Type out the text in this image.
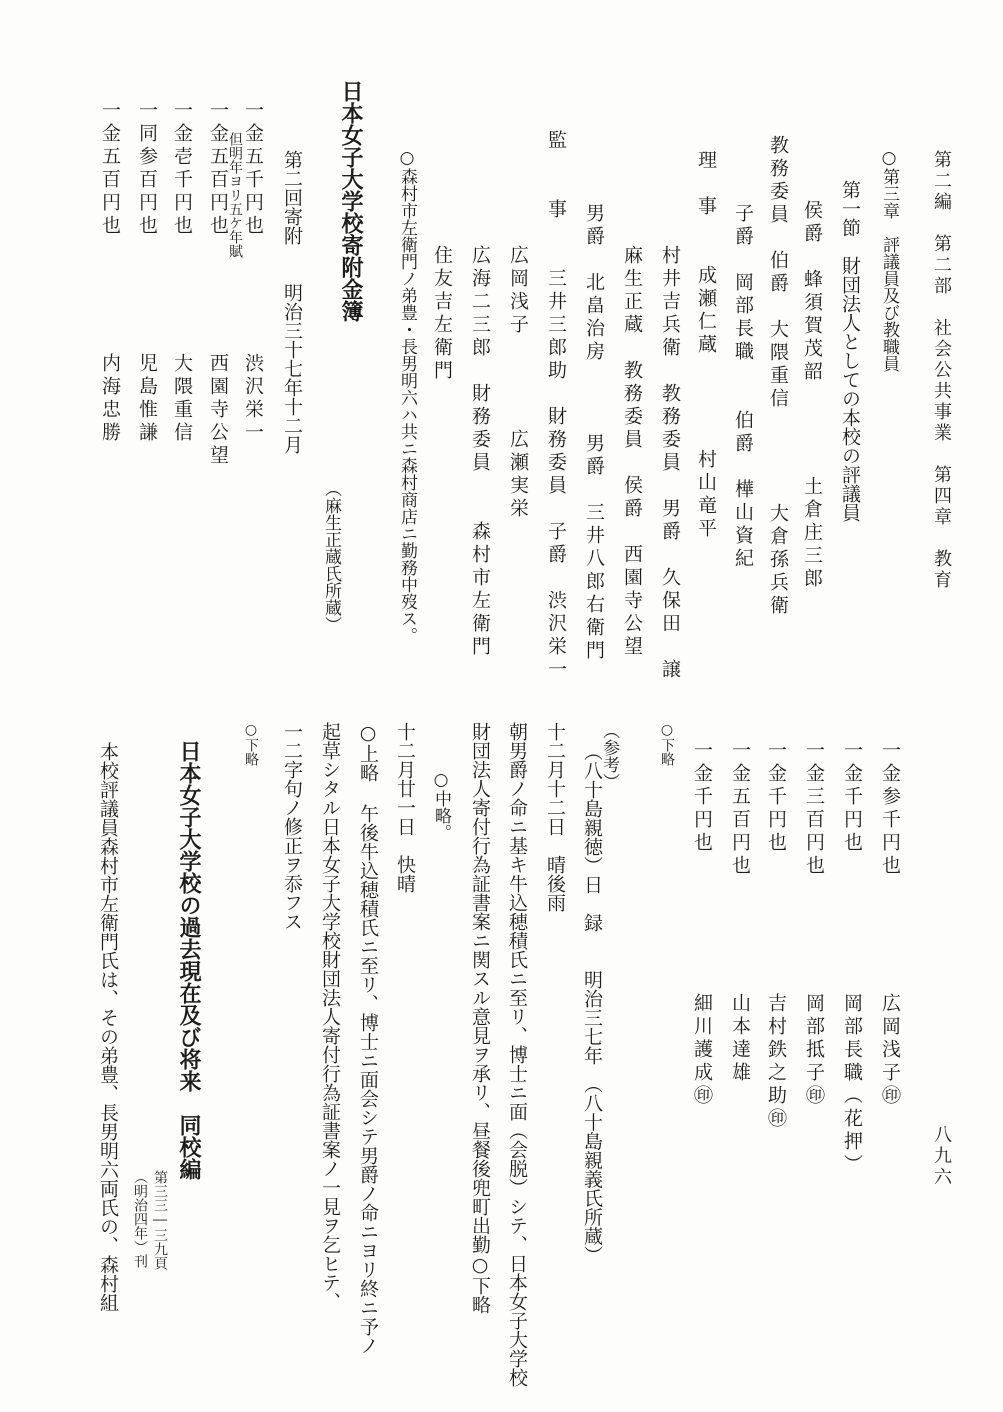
第二編　第二部　社会公共事業　第四章　教育
八九六
○第三章　評議員及び教職員
第一節　財団法人としての本校の評議員
侯爵　蜂須賀茂韶　　　　土倉庄三郎
教務委員　伯爵　大隈重信　　　　大倉孫兵衛
子爵　岡部長職　　伯爵　樺山資紀
理　事　　成瀬仁蔵　　　　村山竜平
村井吉兵衛　教務委員　男爵　久保田　譲
麻生正蔵　教務委員　侯爵　西園寺公望
男爵　北畠治房　　　男爵　三井八郎右衛門
監　　事　　三井三郎助　財務委員　子爵　渋沢栄一
広岡浅子　　　　広瀬実栄
広海二三郎　財務委員　　森村市左衛門
住友吉左衛門
○森村市左衛門ノ弟豊・長男明六ハ共ニ森村商店ニ勤務中歿ス。
日本女子大学校寄附金簿
（麻生正蔵氏所蔵）
第二回寄附　　明治三十七年十二月
一金五千円也　　　　　渋沢栄一
但明年ヨリ五ケ年賦
一金五百円也　　　　　西園寺公望
一金壱千円也　　　　　大隈重信
一同参百円也　　　　　児島惟謙
一金五百円也　　　　　内海忠勝
一金参千円也　　　　　広岡浅子㊞
一金千円也　　　　　　岡部長職（花押）
一金三百円也　　　　　岡部抵子㊞
一金千円也　　　　　　吉村鉄之助㊞
一金五百円也　　　　　山本達雄
一金千円也　　　　　　細川護成㊞
○下略
（参考）
（八十島親徳）日　録　　明治三七年　（八十島親義氏所蔵）
十二月十二日　晴後雨
朝男爵ノ命ニ基キ牛込穂積氏ニ至リ、博士ニ面（会脱）シテ、日本女子大学校
財団法人寄付行為証書案ニ関スル意見ヲ承リ、昼餐後兜町出勤○下略
○中略。
十二月廿一日　快晴
○上略 午後牛込穂積氏ニ至リ、博士ニ面会シテ男爵ノ命ニヨリ終ニ予ノ
起草シタル日本女子大学校財団法人寄付行為証書案ノ一見ヲ乞ヒテ、
一二字句ノ修正ヲ忝フス
○下略
日本女子大学校の過去現在及び将来　同校編
第三三―三九頁
（明治四年）刊
本校評議員森村市左衛門氏は、その弟豊、長男明六両氏の、森村組
